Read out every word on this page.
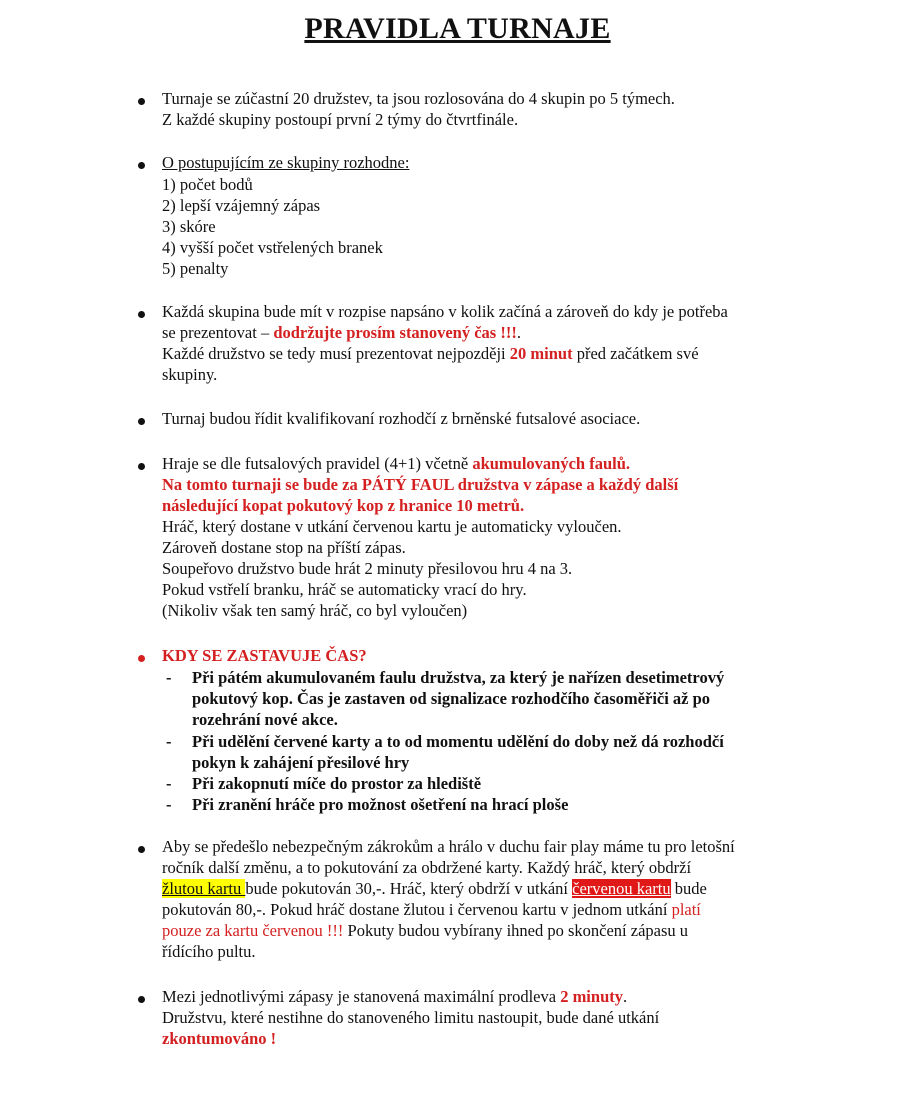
PRAVIDLA TURNAJE
Turnaje se zúčastní 20 družstev, ta jsou rozlosována do 4 skupin po 5 týmech.
Z každé skupiny postoupí první 2 týmy do čtvrtfinále.
O postupujícím ze skupiny rozhodne:
1) počet bodů
2) lepší vzájemný zápas
3) skóre
4) vyšší počet vstřelených branek
5) penalty
Každá skupina bude mít v rozpise napsáno v kolik začíná a zároveň do kdy je potřeba
se prezentovat – dodržujte prosím stanovený čas !!!.
Každé družstvo se tedy musí prezentovat nejpozději 20 minut před začátkem své
skupiny.
Turnaj budou řídit kvalifikovaní rozhodčí z brněnské futsalové asociace.
Hraje se dle futsalových pravidel (4+1) včetně akumulovaných faulů.
Na tomto turnaji se bude za PÁTÝ FAUL družstva v zápase a každý další
následující kopat pokutový kop z hranice 10 metrů.
Hráč, který dostane v utkání červenou kartu je automaticky vyloučen.
Zároveň dostane stop na příští zápas.
Soupeřovo družstvo bude hrát 2 minuty přesilovou hru 4 na 3.
Pokud vstřelí branku, hráč se automaticky vrací do hry.
(Nikoliv však ten samý hráč, co byl vyloučen)
KDY SE ZASTAVUJE ČAS?
- Při pátém akumulovaném faulu družstva, za který je nařízen desetimetrový
pokutový kop. Čas je zastaven od signalizace rozhodčího časoměřiči až po
rozehrání nové akce.
- Při udělění červené karty a to od momentu udělění do doby než dá rozhodčí
pokyn k zahájení přesilové hry
- Při zakopnutí míče do prostor za hlediště
- Při zranění hráče pro možnost ošetření na hrací ploše
Aby se předešlo nebezpečným zákrokům a hrálo v duchu fair play máme tu pro letošní
ročník další změnu, a to pokutování za obdržené karty. Každý hráč, který obdrží
žlutou kartu bude pokutován 30,-. Hráč, který obdrží v utkání červenou kartu bude
pokutován 80,-. Pokud hráč dostane žlutou i červenou kartu v jednom utkání platí
pouze za kartu červenou !!! Pokuty budou vybírany ihned po skončení zápasu u
řídícího pultu.
Mezi jednotlivými zápasy je stanovená maximální prodleva 2 minuty.
Družstvu, které nestihne do stanoveného limitu nastoupit, bude dané utkání
zkontumováno !
